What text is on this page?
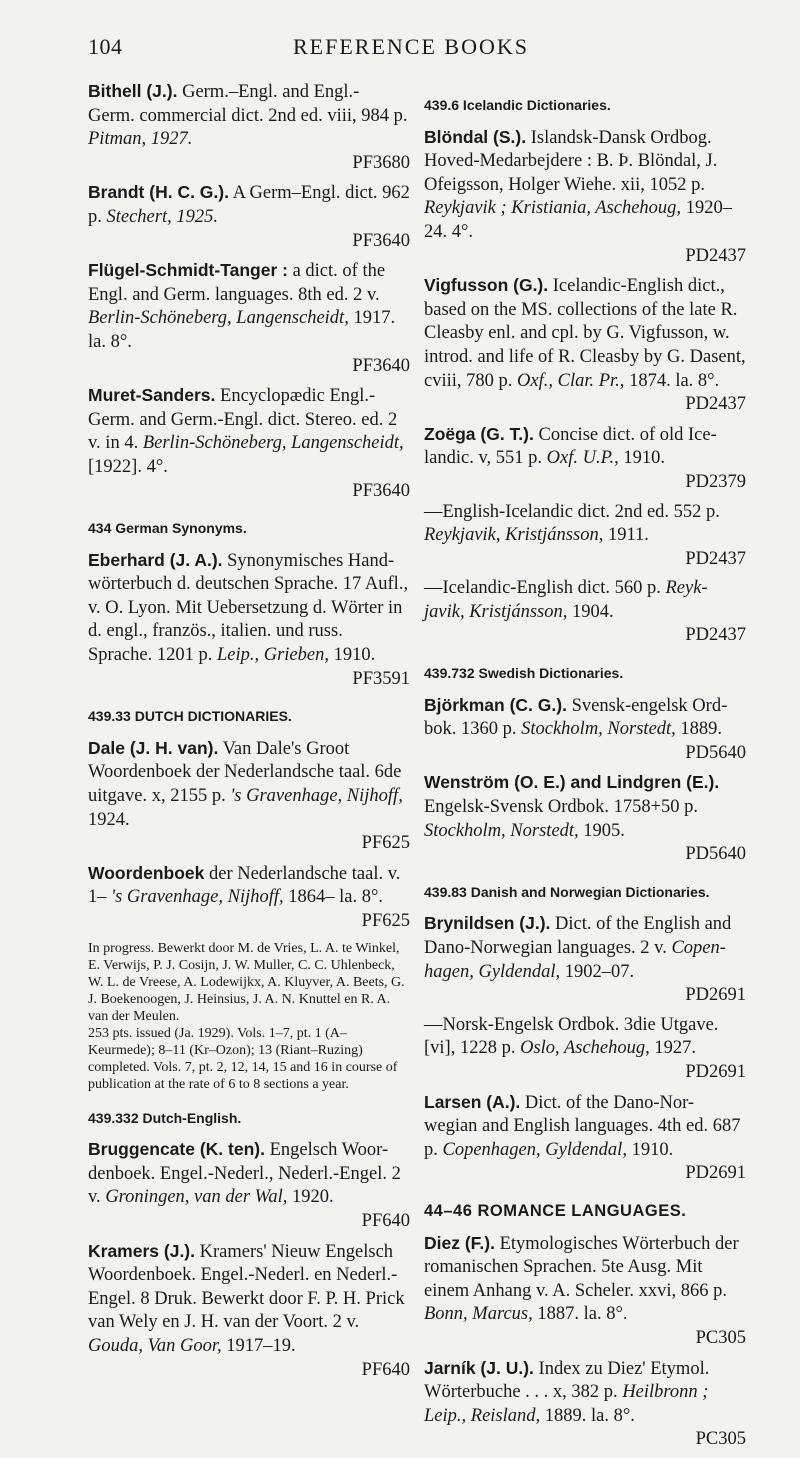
104	REFERENCE BOOKS
Bithell (J.). Germ.–Engl. and Engl.- Germ. commercial dict. 2nd ed. viii, 984 p. Pitman, 1927.
PF3680
Brandt (H. C. G.). A Germ–Engl. dict. 962 p. Stechert, 1925.
PF3640
Flügel-Schmidt-Tanger : a dict. of the Engl. and Germ. languages. 8th ed. 2 v. Berlin-Schöneberg, Langenscheidt, 1917. la. 8°.
PF3640
Muret-Sanders. Encyclopædic Engl.- Germ. and Germ.-Engl. dict. Stereo. ed. 2 v. in 4. Berlin-Schöneberg, Langenscheidt, [1922]. 4°.
PF3640
434 German Synonyms.
Eberhard (J. A.). Synonymisches Hand- wörterbuch d. deutschen Sprache. 17 Aufl., v. O. Lyon. Mit Uebersetzung d. Wörter in d. engl., französ., italien. und russ. Sprache. 1201 p. Leip., Grieben, 1910.
PF3591
439.33 DUTCH DICTIONARIES.
Dale (J. H. van). Van Dale's Groot Woordenboek der Nederlandsche taal. 6de uitgave. x, 2155 p. 's Gravenhage, Nijhoff, 1924.
PF625
Woordenboek der Nederlandsche taal. v. 1– 's Gravenhage, Nijhoff, 1864– la. 8°.
PF625

In progress. Bewerkt door M. de Vries, L. A. te Winkel, E. Verwijs, P. J. Cosijn, J. W. Muller, C. C. Uhlenbeck, W. L. de Vreese, A. Lodewijkx, A. Kluyver, A. Beets, G. J. Boekenoogen, J. Heinsius, J. A. N. Knuttel en R. A. van der Meulen.

253 pts. issued (Ja. 1929). Vols. 1–7, pt. 1 (A–Keurmede); 8–11 (Kr–Ozon); 13 (Riant–Ruzing) completed. Vols. 7, pt. 2, 12, 14, 15 and 16 in course of publication at the rate of 6 to 8 sections a year.

439.332 Dutch-English.
Bruggencate (K. ten). Engelsch Woor- denboek. Engel.-Nederl., Nederl.-Engel. 2 v. Groningen, van der Wal, 1920.
PF640
Kramers (J.). Kramers' Nieuw Engelsch Woordenboek. Engel.-Nederl. en Nederl.- Engel. 8 Druk. Bewerkt door F. P. H. Prick van Wely en J. H. van der Voort. 2 v. Gouda, Van Goor, 1917–19.
PF640
439.6 Icelandic Dictionaries.
Blöndal (S.). Islandsk-Dansk Ordbog. Hoved-Medarbejdere : B. Þ. Blöndal, J. Ofeigsson, Holger Wiehe. xii, 1052 p. Reykjavik ; Kristiania, Aschehoug, 1920– 24. 4°.
PD2437
Vigfusson (G.). Icelandic-English dict., based on the MS. collections of the late R. Cleasby enl. and cpl. by G. Vigfusson, w. introd. and life of R. Cleasby by G. Dasent, cviii, 780 p. Oxf., Clar. Pr., 1874. la. 8°.
PD2437
Zoëga (G. T.). Concise dict. of old Ice- landic. v, 551 p. Oxf. U.P., 1910.
PD2379
—English-Icelandic dict. 2nd ed. 552 p. Reykjavik, Kristjánsson, 1911.
PD2437
—Icelandic-English dict. 560 p. Reyk- javik, Kristjánsson, 1904.
PD2437
439.732 Swedish Dictionaries.
Björkman (C. G.). Svensk-engelsk Ord- bok. 1360 p. Stockholm, Norstedt, 1889.
PD5640
Wenström (O. E.) and Lindgren (E.). Engelsk-Svensk Ordbok. 1758+50 p. Stockholm, Norstedt, 1905.
PD5640
439.83 Danish and Norwegian Dictionaries.
Brynildsen (J.). Dict. of the English and Dano-Norwegian languages. 2 v. Copen- hagen, Gyldendal, 1902–07.
PD2691
—Norsk-Engelsk Ordbok. 3die Utgave. [vi], 1228 p. Oslo, Aschehoug, 1927.
PD2691
Larsen (A.). Dict. of the Dano-Nor- wegian and English languages. 4th ed. 687 p. Copenhagen, Gyldendal, 1910.
PD2691
44–46 ROMANCE LANGUAGES.
Diez (F.). Etymologisches Wörterbuch der romanischen Sprachen. 5te Ausg. Mit einem Anhang v. A. Scheler. xxvi, 866 p. Bonn, Marcus, 1887. la. 8°.
PC305
Jarník (J. U.). Index zu Diez' Etymol. Wörterbuche . . . x, 382 p. Heilbronn ; Leip., Reisland, 1889. la. 8°.
PC305
